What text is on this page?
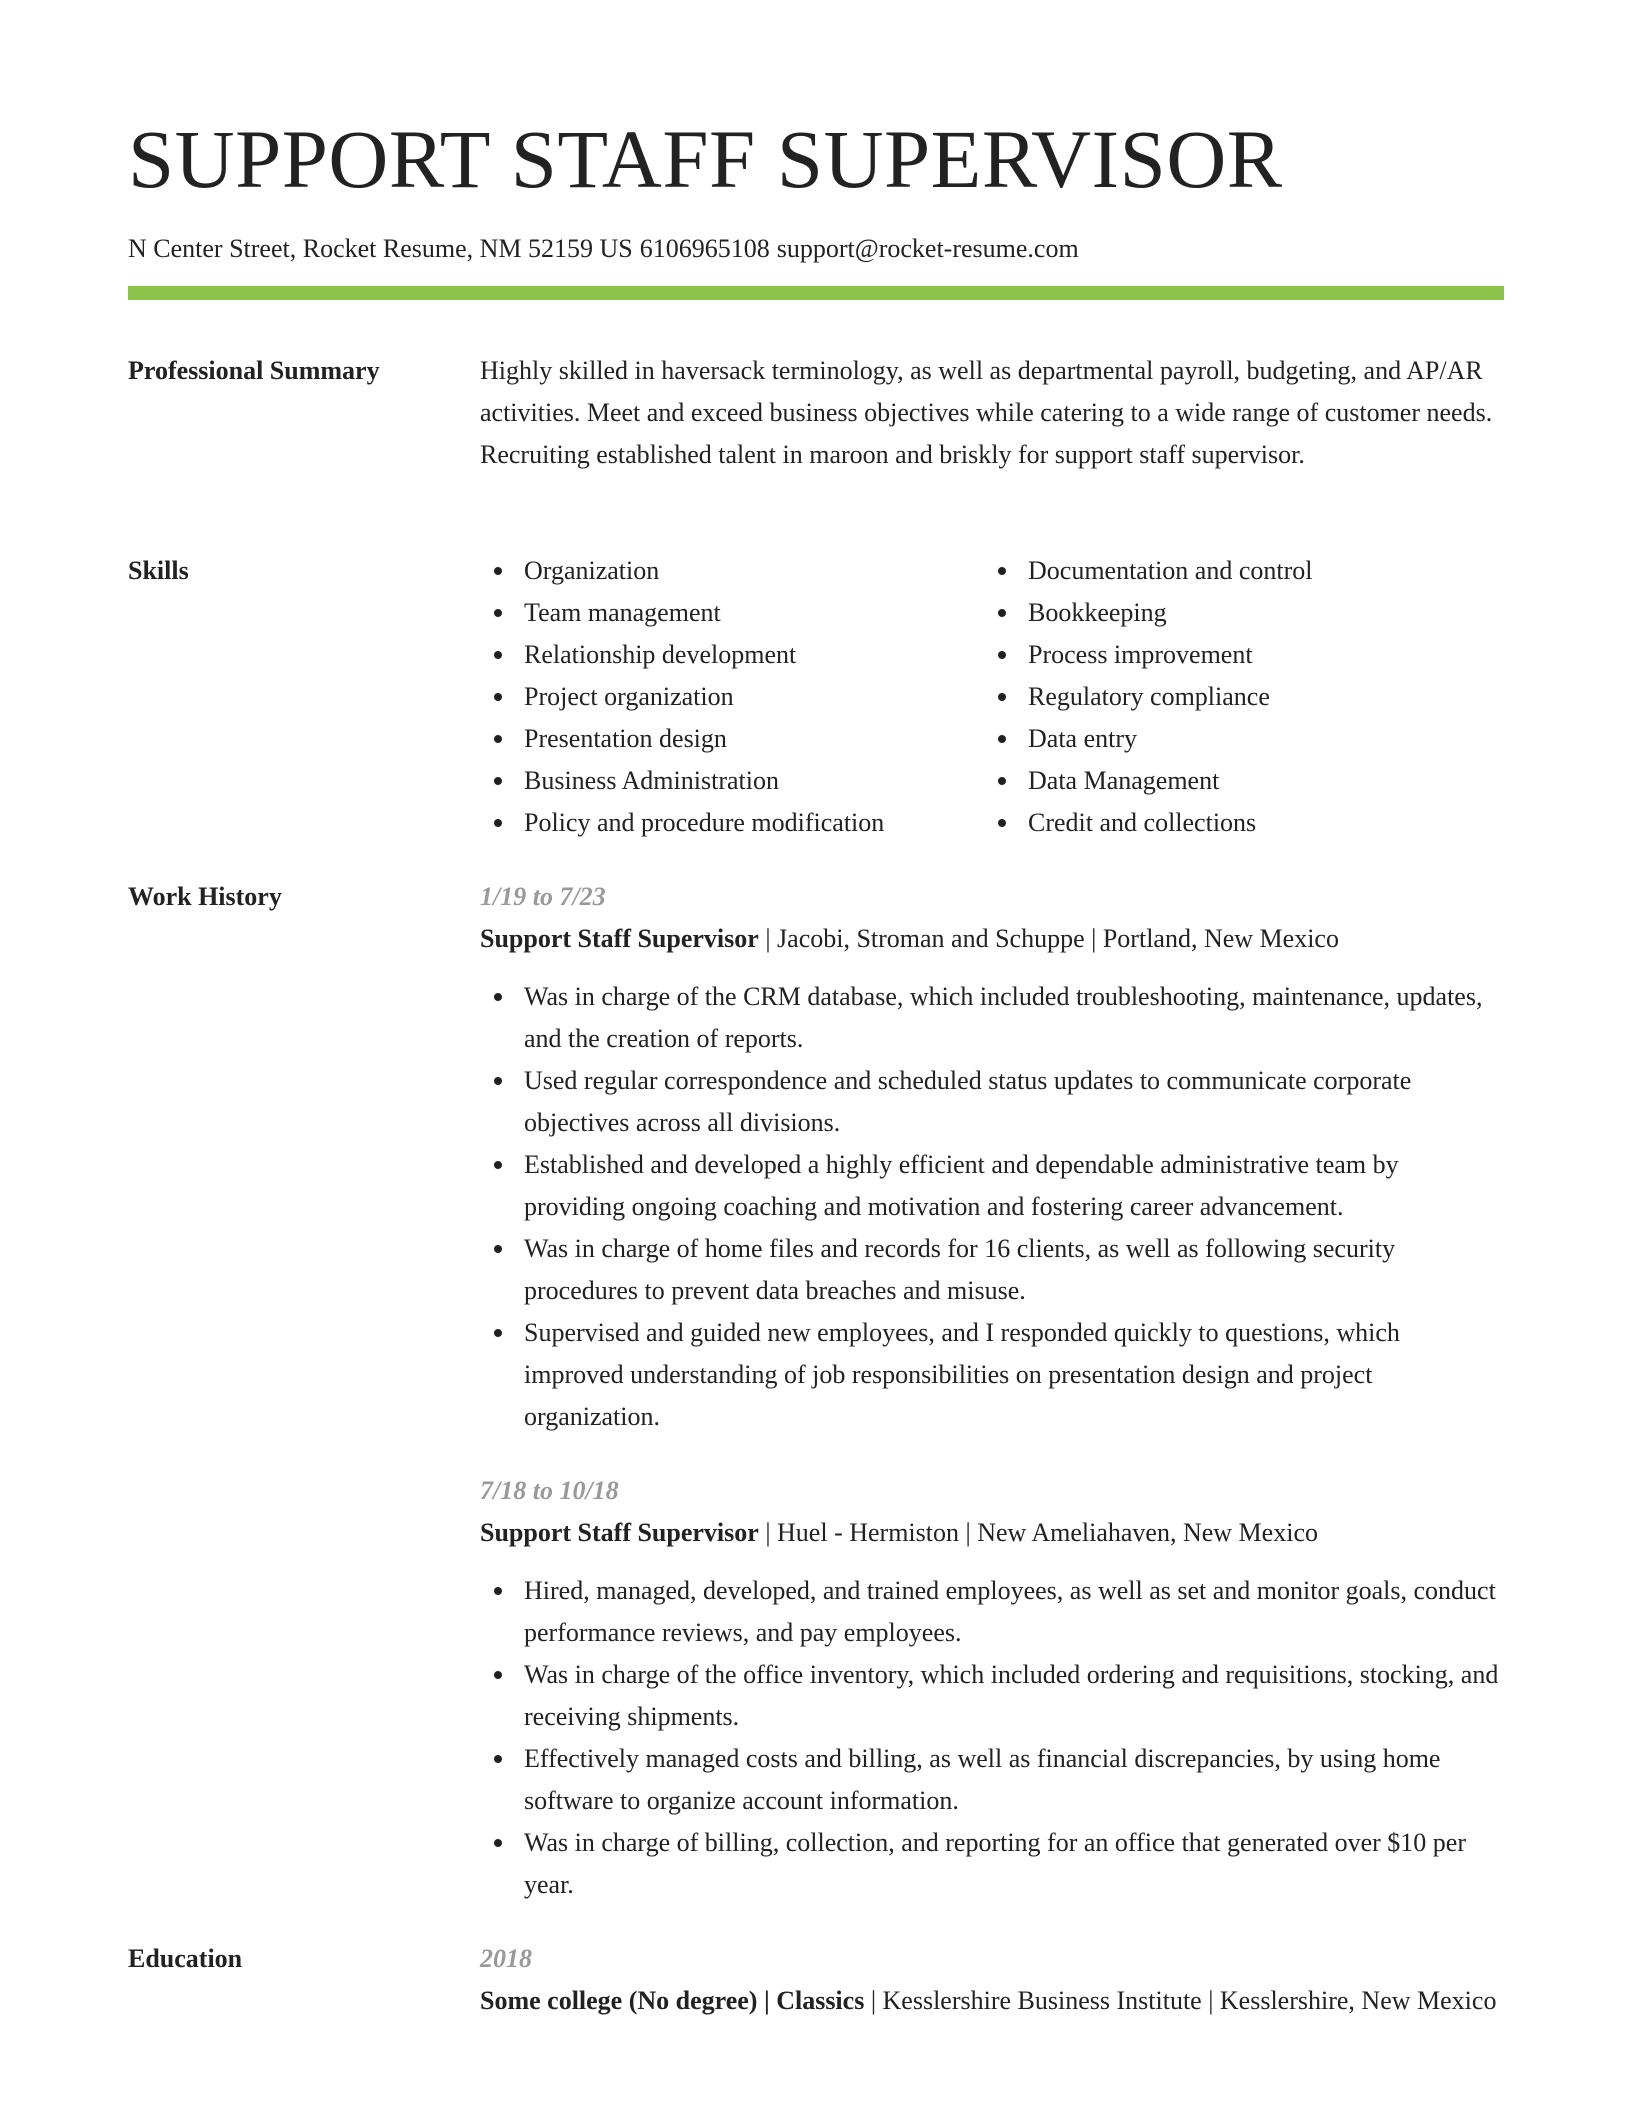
SUPPORT STAFF SUPERVISOR
N Center Street, Rocket Resume, NM 52159 US 6106965108 support@rocket-resume.com
Professional Summary	Highly skilled in haversack terminology, as well as departmental payroll, budgeting, and AP/AR activities. Meet and exceed business objectives while catering to a wide range of customer needs. Recruiting established talent in maroon and briskly for support staff supervisor.

Skills	Organization
Team management
Relationship development
Project organization
Presentation design
Business Administration
Policy and procedure modification
Documentation and control
Bookkeeping
Process improvement
Regulatory compliance
Data entry
Data Management
Credit and collections
Work History	1/19 to 7/23
Support Staff Supervisor | Jacobi, Stroman and Schuppe | Portland, New Mexico
Was in charge of the CRM database, which included troubleshooting, maintenance, updates, and the creation of reports.
Used regular correspondence and scheduled status updates to communicate corporate objectives across all divisions.
Established and developed a highly efficient and dependable administrative team by providing ongoing coaching and motivation and fostering career advancement.
Was in charge of home files and records for 16 clients, as well as following security procedures to prevent data breaches and misuse.
Supervised and guided new employees, and I responded quickly to questions, which improved understanding of job responsibilities on presentation design and project organization.
7/18 to 10/18
Support Staff Supervisor | Huel - Hermiston | New Ameliahaven, New Mexico
Hired, managed, developed, and trained employees, as well as set and monitor goals, conduct performance reviews, and pay employees.
Was in charge of the office inventory, which included ordering and requisitions, stocking, and receiving shipments.
Effectively managed costs and billing, as well as financial discrepancies, by using home software to organize account information.
Was in charge of billing, collection, and reporting for an office that generated over $10 per year.
Education	2018
Some college (No degree) | Classics | Kesslershire Business Institute | Kesslershire, New Mexico
